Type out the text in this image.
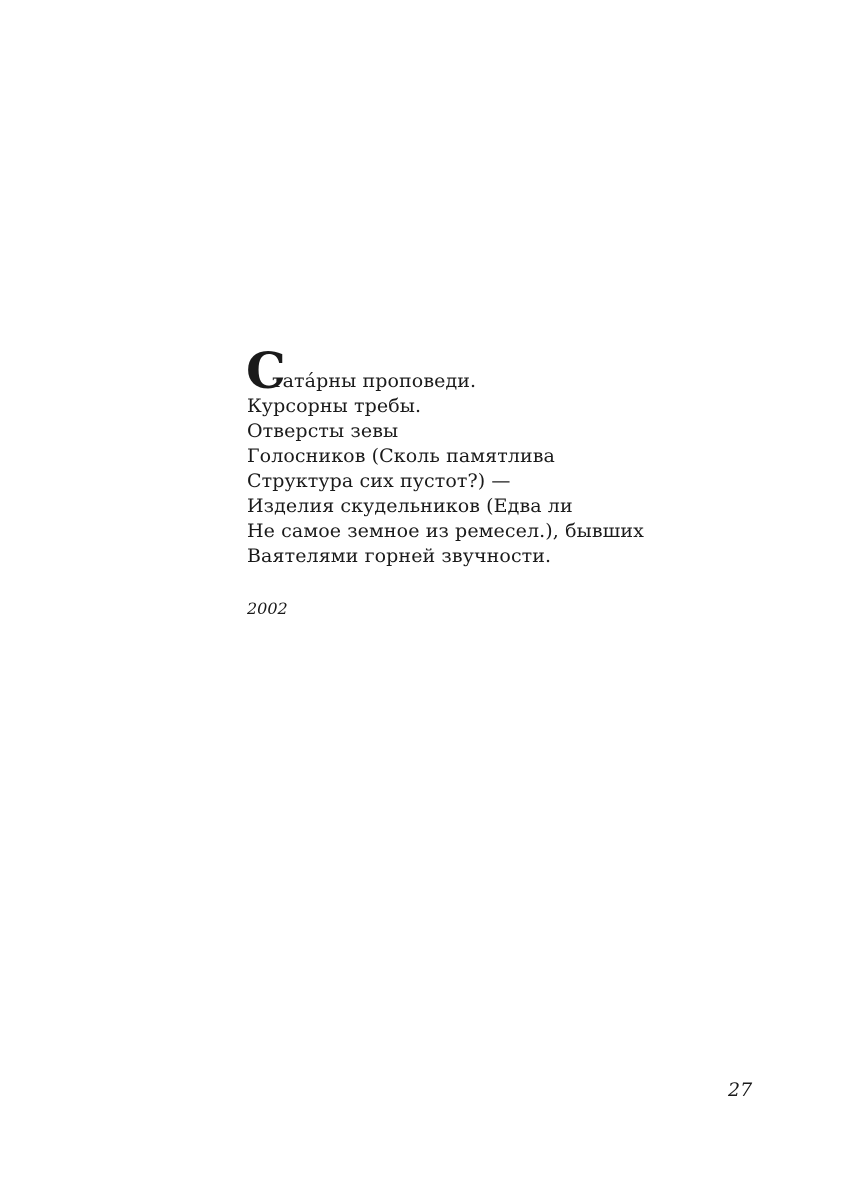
С
тата́рны проповеди.
Курсорны требы.
Отверсты зевы
Голосников (Сколь памятлива
Структура сих пустот?) —
Изделия скудельников (Едва ли
Не самое земное из ремесел.), бывших
Ваятелями горней звучности.
2002
27
